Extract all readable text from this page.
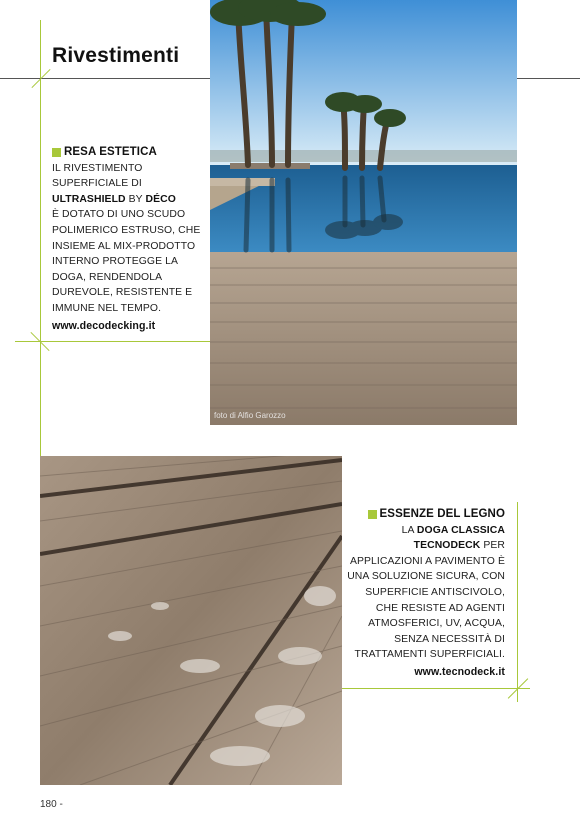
Rivestimenti
foto di Alfio Garozzo
RESA ESTETICA
IL RIVESTIMENTO
SUPERFICIALE DI
ULTRASHIELD BY DÉCO
È DOTATO DI UNO SCUDO
POLIMERICO ESTRUSO, CHE
INSIEME AL MIX-PRODOTTO
INTERNO PROTEGGE LA
DOGA, RENDENDOLA
DUREVOLE, RESISTENTE E
IMMUNE NEL TEMPO.
www.decodecking.it
ESSENZE DEL LEGNO
LA DOGA CLASSICA
TECNODECK PER
APPLICAZIONI A PAVIMENTO È
UNA SOLUZIONE SICURA, CON
SUPERFICIE ANTISCIVOLO,
CHE RESISTE AD AGENTI
ATMOSFERICI, UV, ACQUA,
SENZA NECESSITÀ DI
TRATTAMENTI SUPERFICIALI.
www.tecnodeck.it
180 -
